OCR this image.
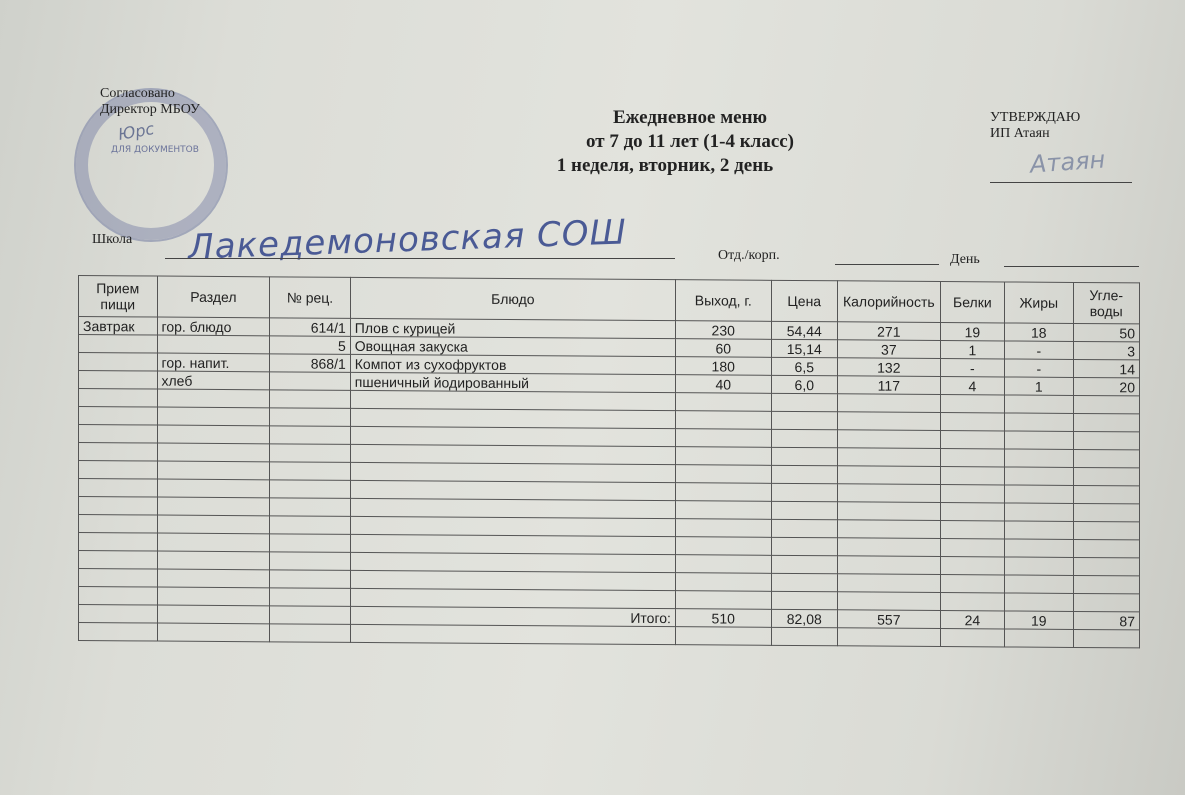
ДЛЯ ДОКУМЕНТОВ
Юрс
Согласовано
Директор МБОУ	Ежедневное меню
от 7 до 11 лет (1-4 класс)
1 неделя, вторник, 2 день
УТВЕРЖДАЮ
ИП Атаян
Атаян
Школа Лакедемоновская СОШ	Отд./корп.	День
Прием пищи	Раздел	№ рец.	Блюдо	Выход, г.	Цена	Калорийность	Белки	Жиры	Угле-воды
Завтрак	гор. блюдо	614/1	Плов с курицей	230	54,44	271	19	18	50
		5	Овощная закуска	60	15,14	37	1	-	3
	гор. напит.	868/1	Компот из сухофруктов	180	6,5	132	-	-	14
	хлеб		пшеничный йодированный	40	6,0	117	4	1	20

			Итого:	510	82,08	557	24	19	87
